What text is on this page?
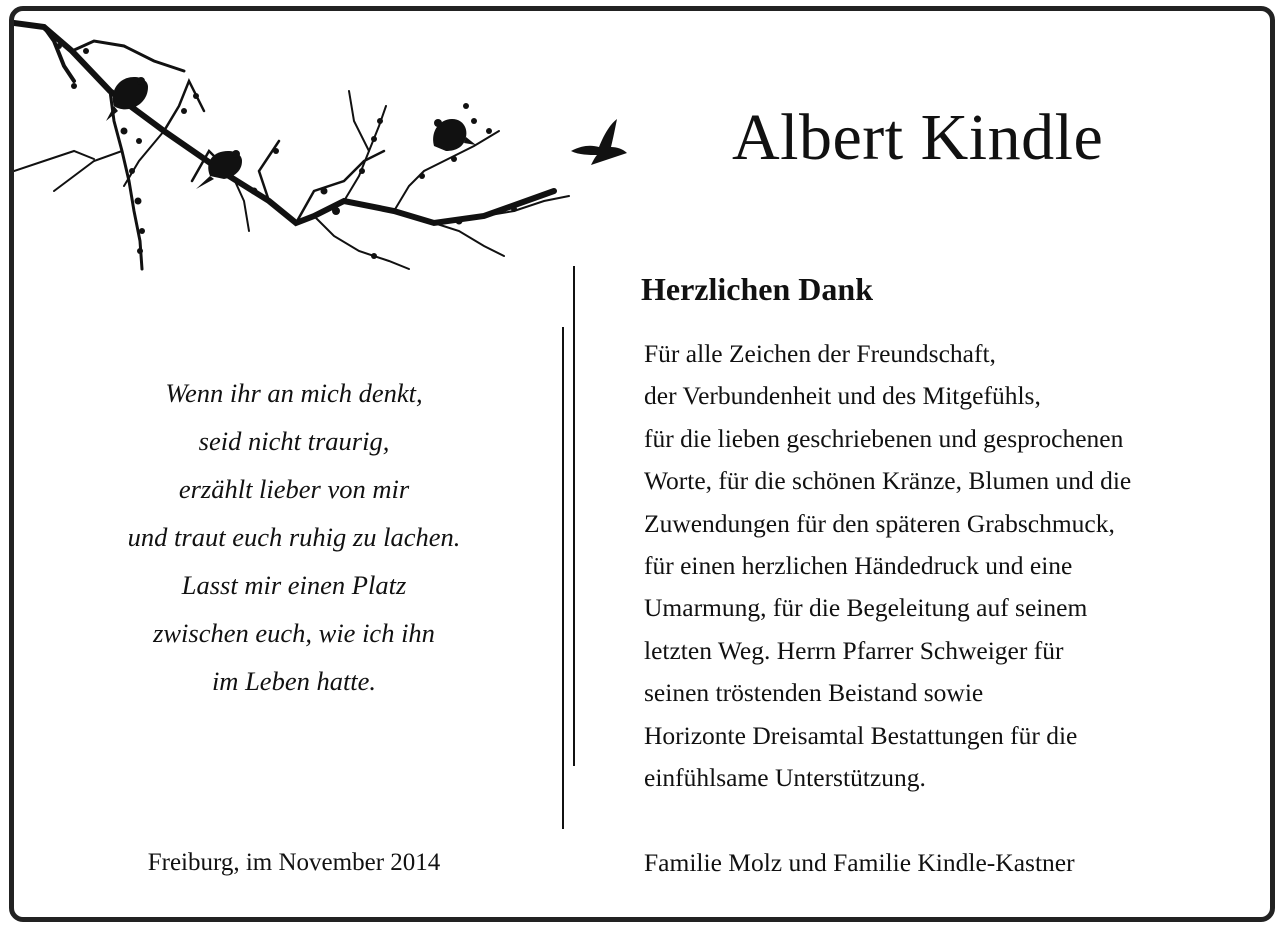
Albert Kindle
Wenn ihr an mich denkt,
seid nicht traurig,
erzählt lieber von mir
und traut euch ruhig zu lachen.
Lasst mir einen Platz
zwischen euch, wie ich ihn
im Leben hatte.
Freiburg, im November 2014
Herzlichen Dank
Für alle Zeichen der Freundschaft,
der Verbundenheit und des Mitgefühls,
für die lieben geschriebenen und gesprochenen
Worte, für die schönen Kränze, Blumen und die
Zuwendungen für den späteren Grabschmuck,
für einen herzlichen Händedruck und eine
Umarmung, für die Begeleitung auf seinem
letzten Weg. Herrn Pfarrer Schweiger für
seinen tröstenden Beistand sowie
Horizonte Dreisamtal Bestattungen für die
einfühlsame Unterstützung.
Familie Molz und Familie Kindle-Kastner
